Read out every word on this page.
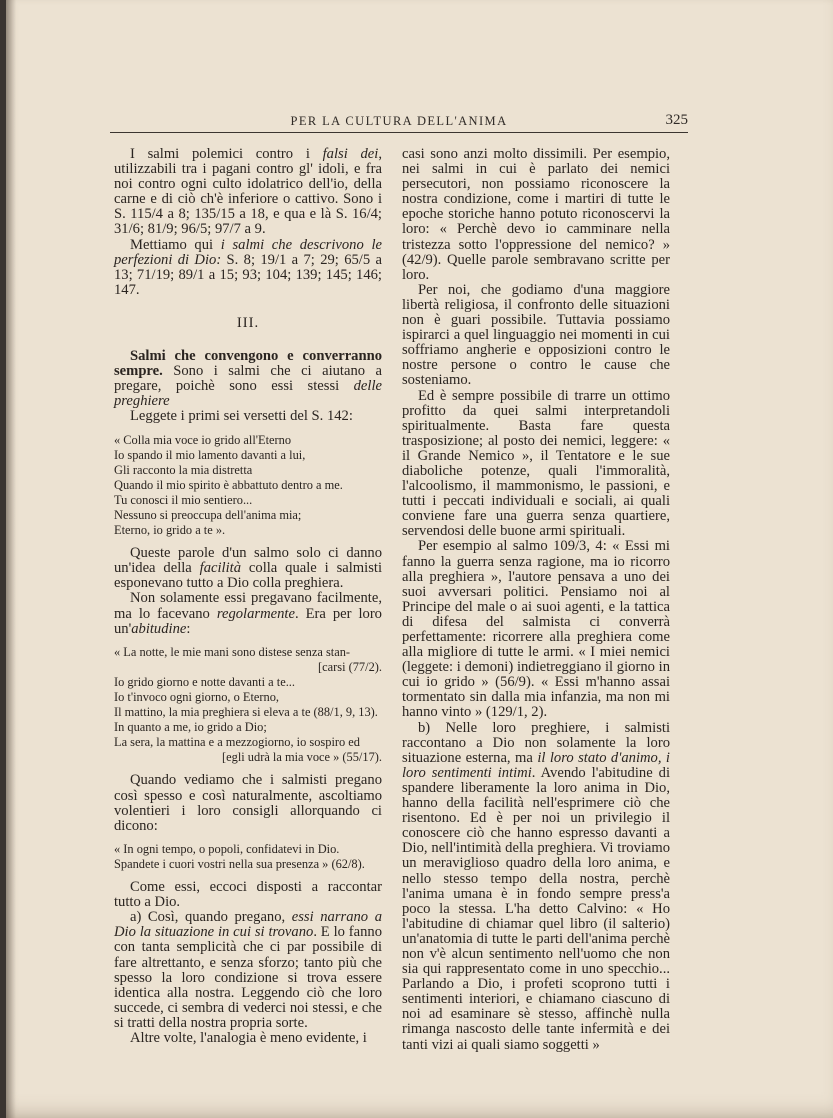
PER LA CULTURA DELL'ANIMA	325

I salmi polemici contro i falsi dei, utilizzabili tra i pagani contro gl' idoli, e fra noi contro ogni culto idolatrico dell'io, della carne e di ciò ch'è inferiore o cattivo. Sono i S. 115/4 a 8; 135/15 a 18, e qua e là S. 16/4; 31/6; 81/9; 96/5; 97/7 a 9.

Mettiamo qui i salmi che descrivono le perfezioni di Dio: S. 8; 19/1 a 7; 29; 65/5 a 13; 71/19; 89/1 a 15; 93; 104; 139; 145; 146; 147.

III.

Salmi che convengono e converranno sempre. Sono i salmi che ci aiutano a pregare, poichè sono essi stessi delle preghiere

Leggete i primi sei versetti del S. 142:

« Colla mia voce io grido all'Eterno
Io spando il mio lamento davanti a lui,
Gli racconto la mia distretta
Quando il mio spirito è abbattuto dentro a me.
Tu conosci il mio sentiero...
Nessuno si preoccupa dell'anima mia;
Eterno, io grido a te ».

Queste parole d'un salmo solo ci danno un'idea della facilità colla quale i salmisti esponevano tutto a Dio colla preghiera.

Non solamente essi pregavano facilmente, ma lo facevano regolarmente. Era per loro un'abitudine:

« La notte, le mie mani sono distese senza stan-
[carsi (77/2).
Io grido giorno e notte davanti a te...
Io t'invoco ogni giorno, o Eterno,
Il mattino, la mia preghiera si eleva a te (88/1, 9, 13).
In quanto a me, io grido a Dio;
La sera, la mattina e a mezzogiorno, io sospiro ed
[egli udrà la mia voce » (55/17).

Quando vediamo che i salmisti pregano così spesso e così naturalmente, ascoltiamo volentieri i loro consigli allorquando ci dicono:

« In ogni tempo, o popoli, confidatevi in Dio.
Spandete i cuori vostri nella sua presenza » (62/8).

Come essi, eccoci disposti a raccontar tutto a Dio.

a) Così, quando pregano, essi narrano a Dio la situazione in cui si trovano. E lo fanno con tanta semplicità che ci par possibile di fare altrettanto, e senza sforzo; tanto più che spesso la loro condizione si trova essere identica alla nostra. Leggendo ciò che loro succede, ci sembra di vederci noi stessi, e che si tratti della nostra propria sorte.

Altre volte, l'analogia è meno evidente, i

casi sono anzi molto dissimili. Per esempio, nei salmi in cui è parlato dei nemici persecutori, non possiamo riconoscere la nostra condizione, come i martiri di tutte le epoche storiche hanno potuto riconoscervi la loro: « Perchè devo io camminare nella tristezza sotto l'oppressione del nemico? » (42/9). Quelle parole sembravano scritte per loro.

Per noi, che godiamo d'una maggiore libertà religiosa, il confronto delle situazioni non è guari possibile. Tuttavia possiamo ispirarci a quel linguaggio nei momenti in cui soffriamo angherie e opposizioni contro le nostre persone o contro le cause che sosteniamo.

Ed è sempre possibile di trarre un ottimo profitto da quei salmi interpretandoli spiritualmente. Basta fare questa trasposizione; al posto dei nemici, leggere: « il Grande Nemico », il Tentatore e le sue diaboliche potenze, quali l'immoralità, l'alcoolismo, il mammonismo, le passioni, e tutti i peccati individuali e sociali, ai quali conviene fare una guerra senza quartiere, servendosi delle buone armi spirituali.

Per esempio al salmo 109/3, 4: « Essi mi fanno la guerra senza ragione, ma io ricorro alla preghiera », l'autore pensava a uno dei suoi avversari politici. Pensiamo noi al Principe del male o ai suoi agenti, e la tattica di difesa del salmista ci converrà perfettamente: ricorrere alla preghiera come alla migliore di tutte le armi. « I miei nemici (leggete: i demoni) indietreggiano il giorno in cui io grido » (56/9). « Essi m'hanno assai tormentato sin dalla mia infanzia, ma non mi hanno vinto » (129/1, 2).

b) Nelle loro preghiere, i salmisti raccontano a Dio non solamente la loro situazione esterna, ma il loro stato d'animo, i loro sentimenti intimi. Avendo l'abitudine di spandere liberamente la loro anima in Dio, hanno della facilità nell'esprimere ciò che risentono. Ed è per noi un privilegio il conoscere ciò che hanno espresso davanti a Dio, nell'intimità della preghiera. Vi troviamo un meraviglioso quadro della loro anima, e nello stesso tempo della nostra, perchè l'anima umana è in fondo sempre press'a poco la stessa. L'ha detto Calvino: « Ho l'abitudine di chiamar quel libro (il salterio) un'anatomia di tutte le parti dell'anima perchè non v'è alcun sentimento nell'uomo che non sia qui rappresentato come in uno specchio... Parlando a Dio, i profeti scoprono tutti i sentimenti interiori, e chiamano ciascuno di noi ad esaminare sè stesso, affinchè nulla rimanga nascosto delle tante infermità e dei tanti vizi ai quali siamo soggetti »
